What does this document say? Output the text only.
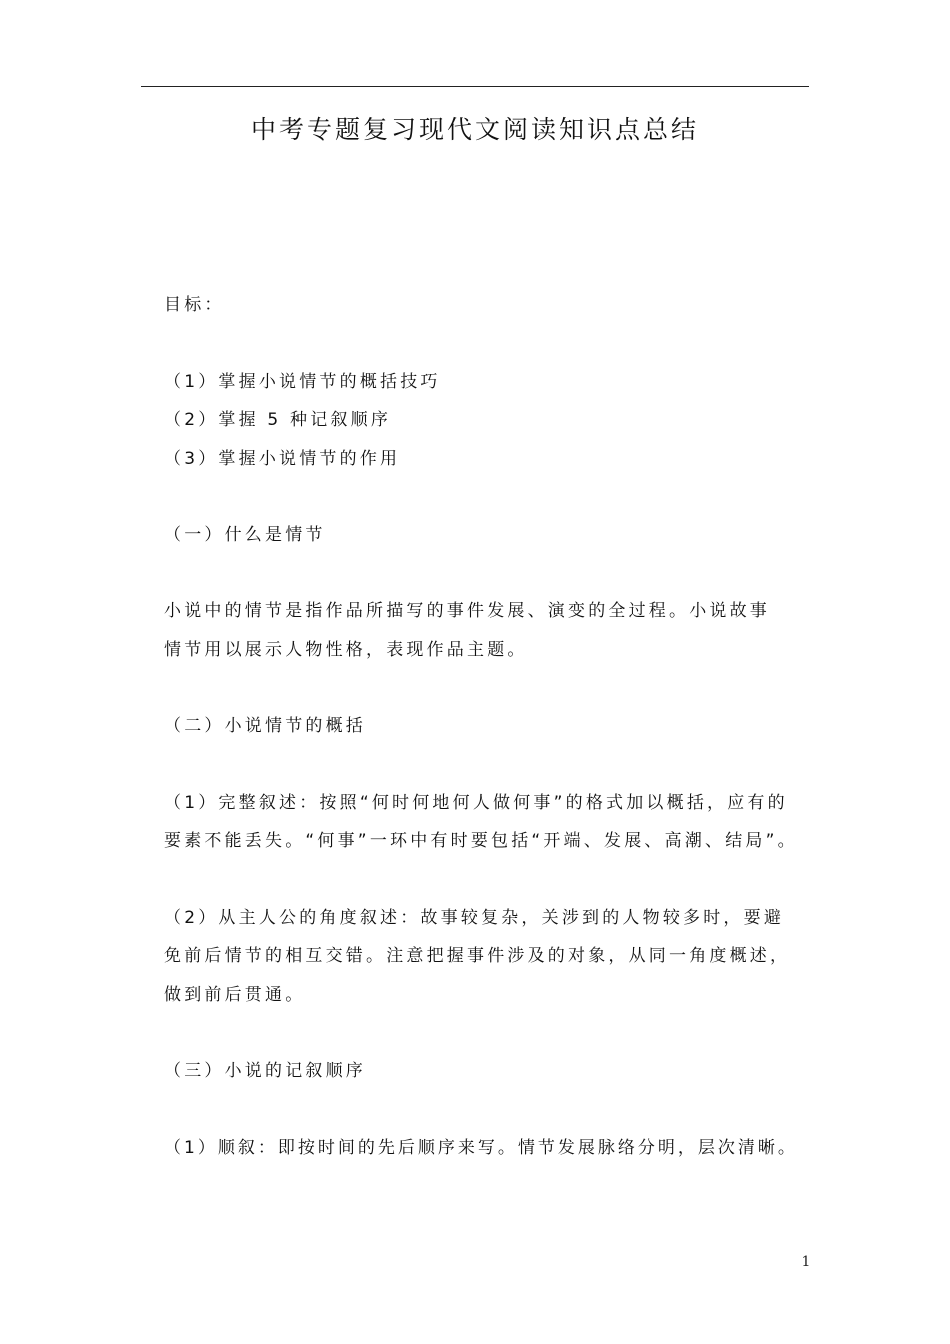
中考专题复习现代文阅读知识点总结
目标：
（1）掌握小说情节的概括技巧
（2）掌握 5 种记叙顺序
（3）掌握小说情节的作用
（一）什么是情节
小说中的情节是指作品所描写的事件发展、演变的全过程。小说故事
情节用以展示人物性格，表现作品主题。
（二）小说情节的概括
（1）完整叙述：按照“何时何地何人做何事”的格式加以概括，应有的
要素不能丢失。“何事”一环中有时要包括“开端、发展、高潮、结局”。
（2）从主人公的角度叙述：故事较复杂，关涉到的人物较多时，要避
免前后情节的相互交错。注意把握事件涉及的对象，从同一角度概述，
做到前后贯通。
（三）小说的记叙顺序
（1）顺叙：即按时间的先后顺序来写。情节发展脉络分明，层次清晰。
1
